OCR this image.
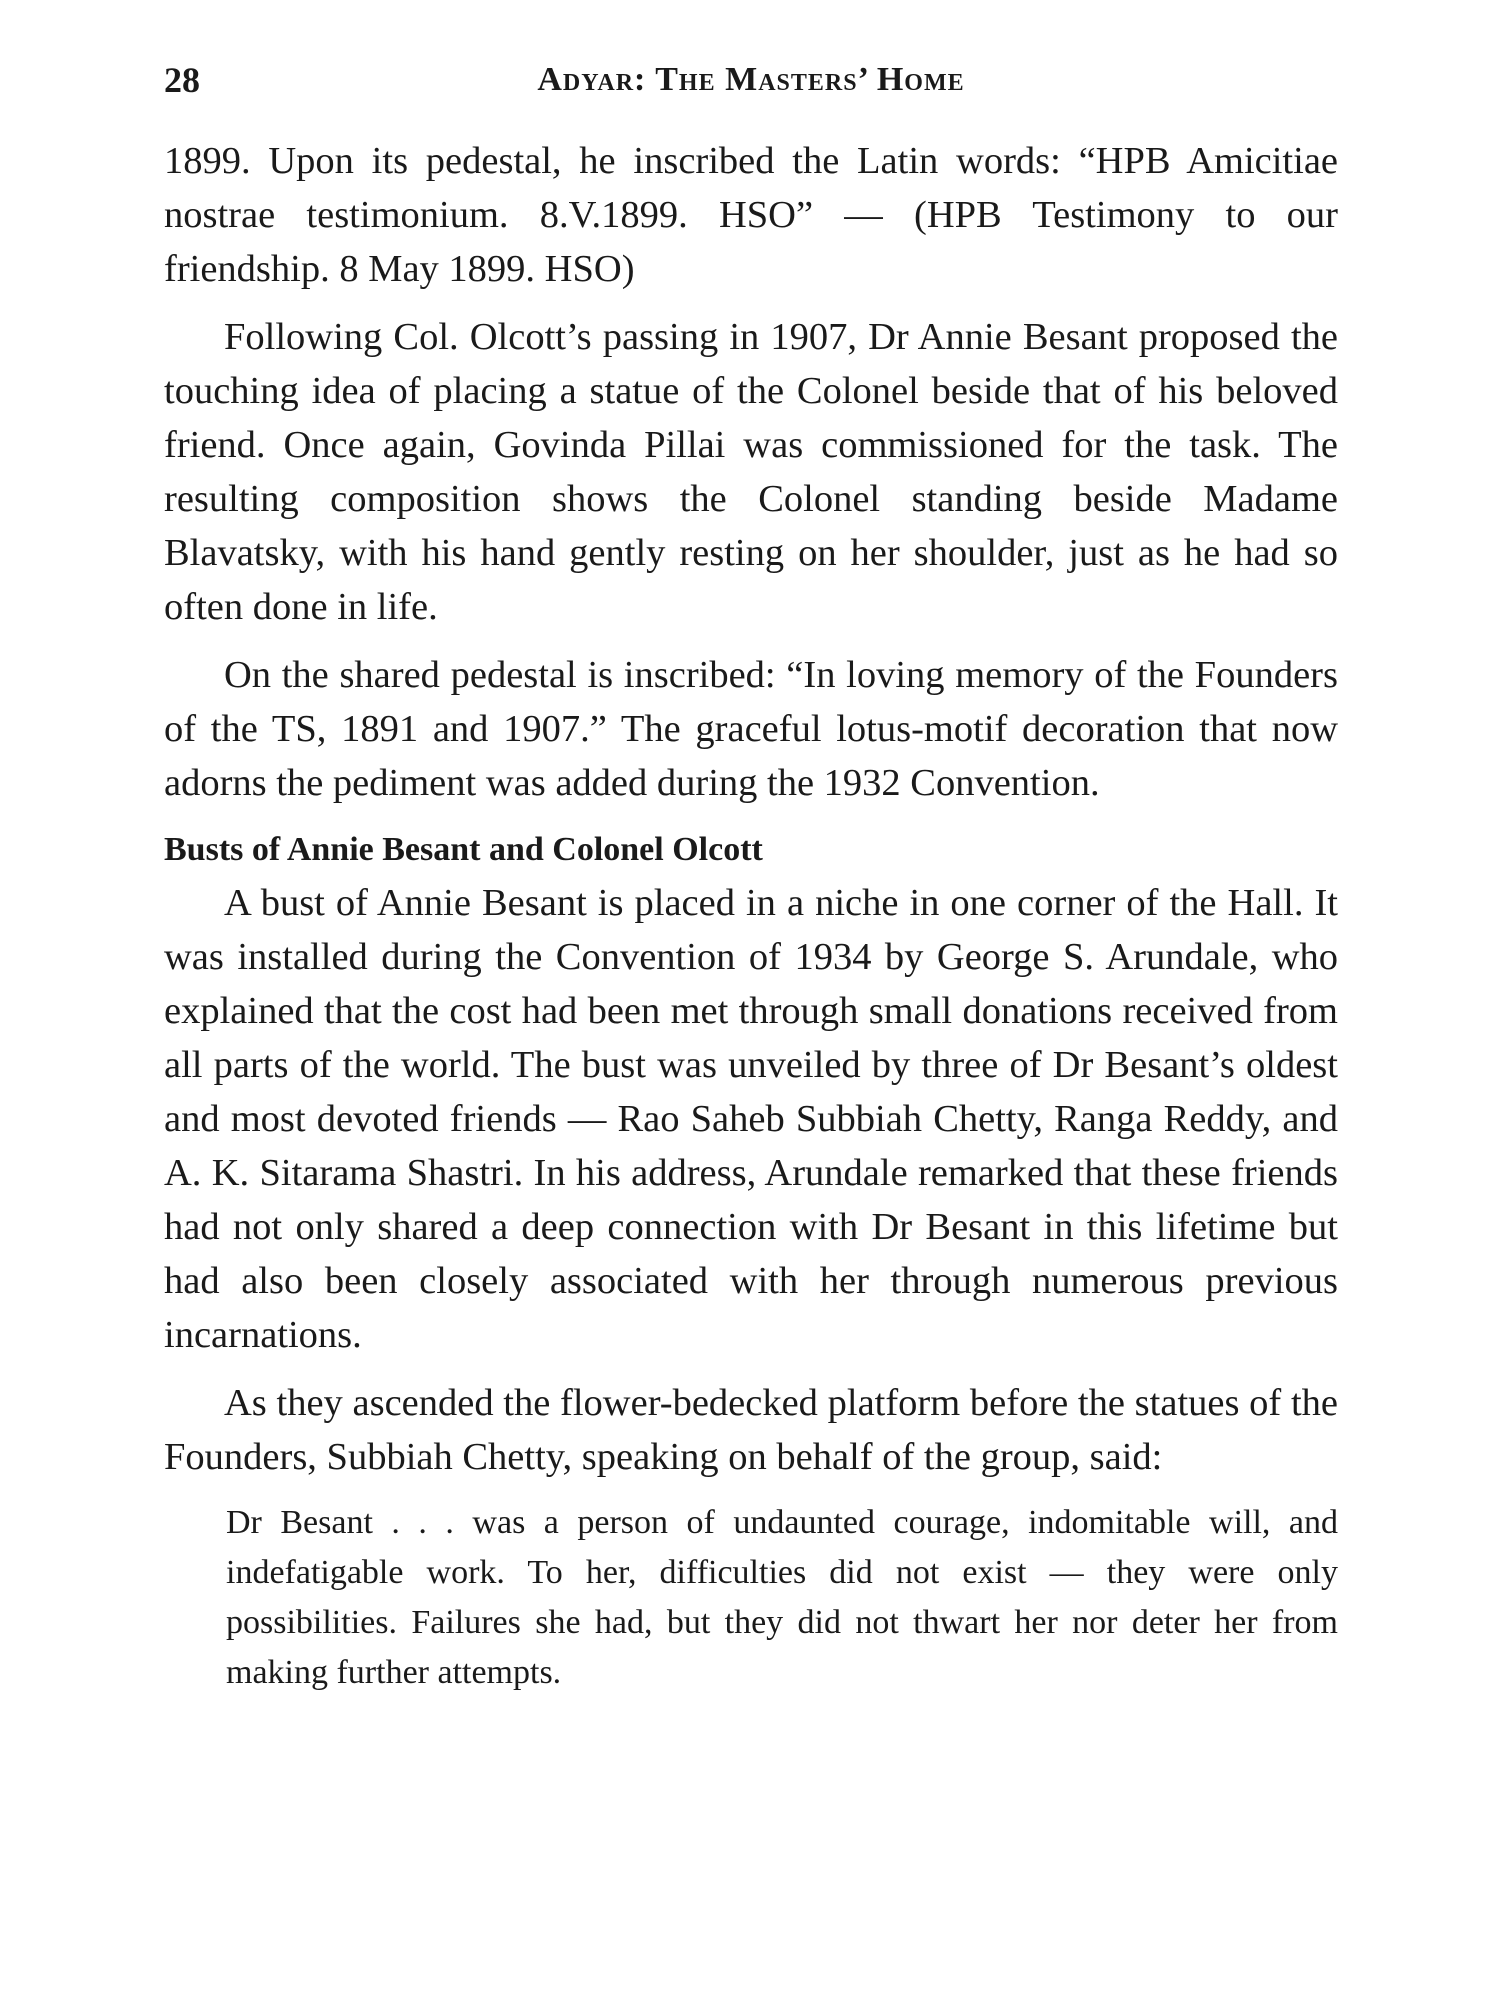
28	Adyar: The Masters’ Home

1899. Upon its pedestal, he inscribed the Latin words: “HPB Amicitiae nostrae testimonium. 8.V.1899. HSO” — (HPB Testimony to our friendship. 8 May 1899. HSO)

Following Col. Olcott’s passing in 1907, Dr Annie Besant proposed the touching idea of placing a statue of the Colonel beside that of his beloved friend. Once again, Govinda Pillai was commissioned for the task. The resulting composition shows the Colonel standing beside Madame Blavatsky, with his hand gently resting on her shoulder, just as he had so often done in life.

On the shared pedestal is inscribed: “In loving memory of the Founders of the TS, 1891 and 1907.” The graceful lotus-motif decoration that now adorns the pediment was added during the 1932 Convention.

Busts of Annie Besant and Colonel Olcott

A bust of Annie Besant is placed in a niche in one corner of the Hall. It was installed during the Convention of 1934 by George S. Arundale, who explained that the cost had been met through small donations received from all parts of the world. The bust was unveiled by three of Dr Besant’s oldest and most devoted friends — Rao Saheb Subbiah Chetty, Ranga Reddy, and A. K. Sitarama Shastri. In his address, Arundale remarked that these friends had not only shared a deep connection with Dr Besant in this lifetime but had also been closely associated with her through numerous previous incarnations.

As they ascended the flower-bedecked platform before the statues of the Founders, Subbiah Chetty, speaking on behalf of the group, said:

Dr Besant . . . was a person of undaunted courage, indomitable will, and indefatigable work. To her, difficulties did not exist — they were only possibilities. Failures she had, but they did not thwart her nor deter her from making further attempts.
